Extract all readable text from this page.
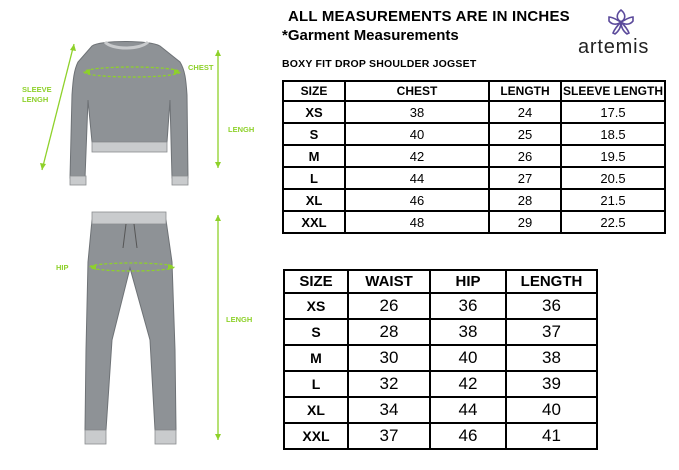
ALL MEASUREMENTS ARE IN INCHES
*Garment Measurements
artemis
BOXY FIT DROP SHOULDER JOGSET
CHEST
SLEEVE
LENGH
LENGH
HIP
LENGH
SIZE	CHEST	LENGTH	SLEEVE LENGTH
XS	38	24	17.5
S	40	25	18.5
M	42	26	19.5
L	44	27	20.5
XL	46	28	21.5
XXL	48	29	22.5
SIZE	WAIST	HIP	LENGTH
XS	26	36	36
S	28	38	37
M	30	40	38
L	32	42	39
XL	34	44	40
XXL	37	46	41
